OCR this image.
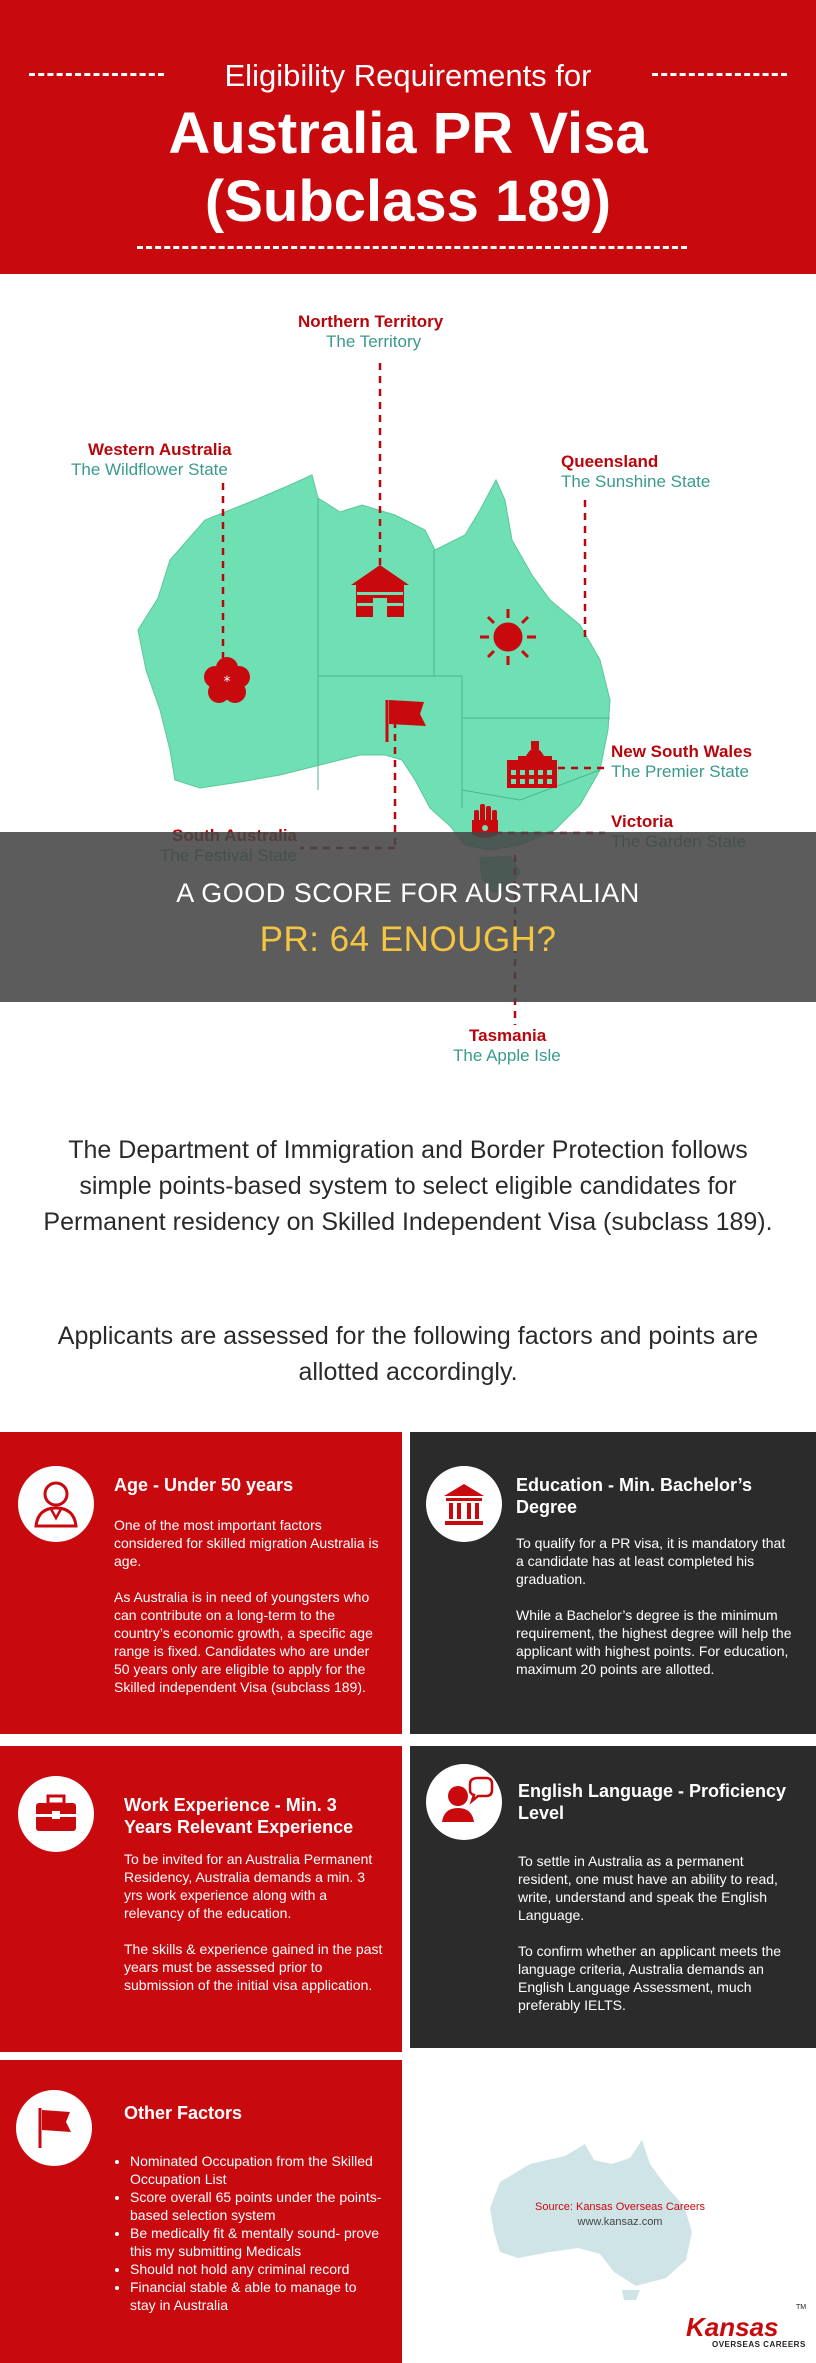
Eligibility Requirements for
Australia PR Visa
(Subclass 189)
*
Northern Territory
The Territory
Western Australia
The Wildflower State	Queensland
The Sunshine State
New South Wales
The Premier State
Victoria
Tasmania
The Apple Isle
A GOOD SCORE FOR AUSTRALIAN
PR: 64 ENOUGH?
The Department of Immigration and Border Protection follows simple points-based system to select eligible candidates for Permanent residency on Skilled Independent Visa (subclass 189).
Applicants are assessed for the following factors and points are allotted accordingly.
Age - Under 50 years

One of the most important factors considered for skilled migration Australia is age.

As Australia is in need of youngsters who can contribute on a long-term to the country’s economic growth, a specific age range is fixed. Candidates who are under 50 years only are eligible to apply for the Skilled independent Visa (subclass 189).

Education - Min. Bachelor’s Degree

To qualify for a PR visa, it is mandatory that a candidate has at least completed his graduation.

While a Bachelor’s degree is the minimum requirement, the highest degree will help the applicant with highest points. For education, maximum 20 points are allotted.

Work Experience - Min. 3 Years Relevant Experience

To be invited for an Australia Permanent Residency, Australia demands a min. 3 yrs work experience along with a relevancy of the education.

The skills & experience gained in the past years must be assessed prior to submission of the initial visa application.

English Language - Proficiency Level

To settle in Australia as a permanent resident, one must have an ability to read, write, understand and speak the English Language.

To confirm whether an applicant meets the language criteria, Australia demands an English Language Assessment, much preferably IELTS.

Other Factors
• Nominated Occupation from the Skilled Occupation List
• Score overall 65 points under the points-based selection system
• Be medically fit & mentally sound- prove this my submitting Medicals
• Should not hold any criminal record
• Financial stable & able to manage to stay in Australia
Source: Kansas Overseas Careers
www.kansaz.com
Kansas
OVERSEAS CAREERS
TM
